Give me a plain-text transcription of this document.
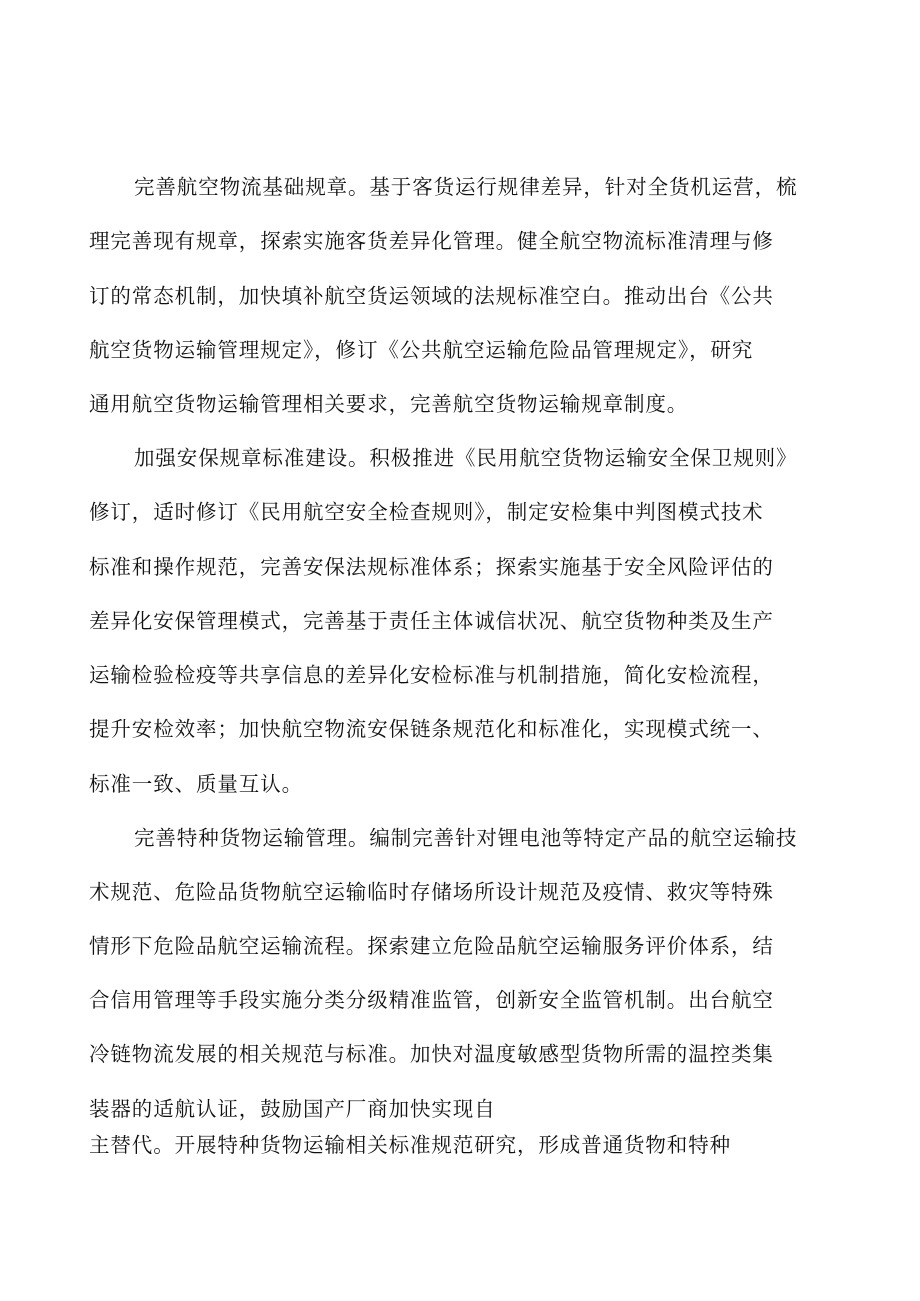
完善航空物流基础规章。基于客货运行规律差异，针对全货机运营，梳
理完善现有规章，探索实施客货差异化管理。健全航空物流标准清理与修
订的常态机制，加快填补航空货运领域的法规标准空白。推动出台《公共
航空货物运输管理规定》，修订《公共航空运输危险品管理规定》，研究
通用航空货物运输管理相关要求，完善航空货物运输规章制度。
加强安保规章标准建设。积极推进《民用航空货物运输安全保卫规则》
修订，适时修订《民用航空安全检查规则》，制定安检集中判图模式技术
标准和操作规范，完善安保法规标准体系；探索实施基于安全风险评估的
差异化安保管理模式，完善基于责任主体诚信状况、航空货物种类及生产
运输检验检疫等共享信息的差异化安检标准与机制措施，简化安检流程，
提升安检效率；加快航空物流安保链条规范化和标准化，实现模式统一、
标准一致、质量互认。
完善特种货物运输管理。编制完善针对锂电池等特定产品的航空运输技
术规范、危险品货物航空运输临时存储场所设计规范及疫情、救灾等特殊
情形下危险品航空运输流程。探索建立危险品航空运输服务评价体系，结
合信用管理等手段实施分类分级精准监管，创新安全监管机制。出台航空
冷链物流发展的相关规范与标准。加快对温度敏感型货物所需的温控类集
装器的适航认证，鼓励国产厂商加快实现自
主替代。开展特种货物运输相关标准规范研究，形成普通货物和特种
